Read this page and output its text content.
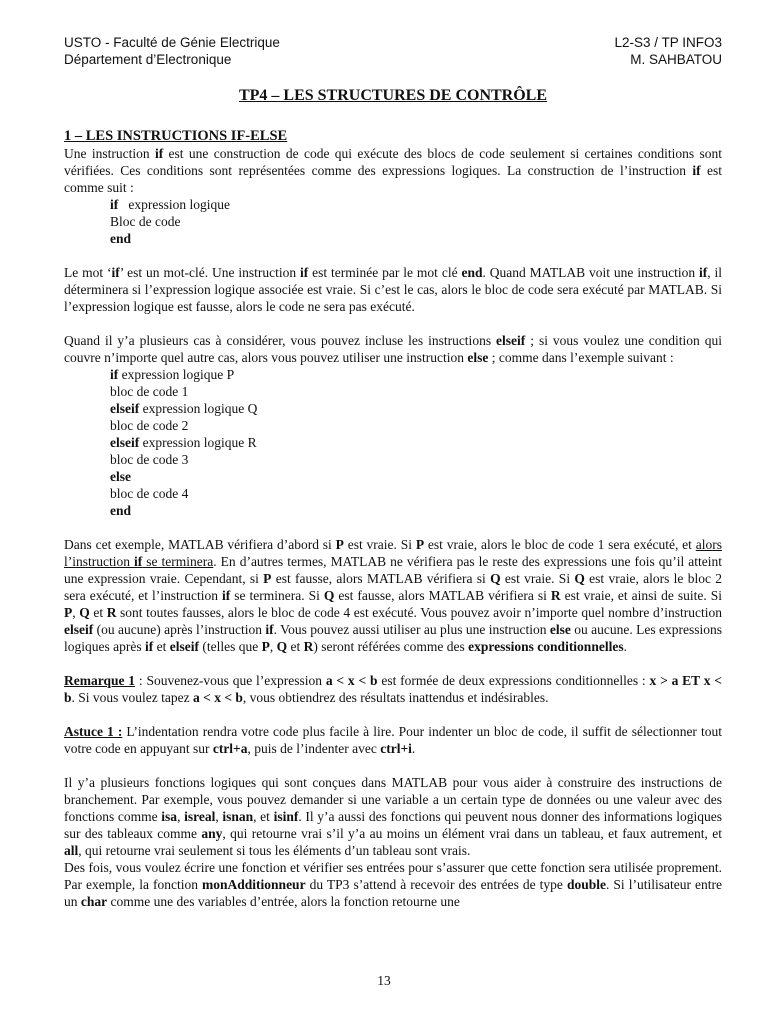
USTO - Faculté de Génie Electrique
Département d’Electronique
L2-S3 / TP INFO3
M. SAHBATOU
TP4 – LES STRUCTURES DE CONTRÔLE
1 – LES INSTRUCTIONS IF-ELSE

Une instruction if est une construction de code qui exécute des blocs de code seulement si certaines conditions sont vérifiées. Ces conditions sont représentées comme des expressions logiques. La construction de l’instruction if est comme suit :

if expression logique
Bloc de code
end

Le mot ‘if’ est un mot-clé. Une instruction if est terminée par le mot clé end. Quand MATLAB voit une instruction if, il déterminera si l’expression logique associée est vraie. Si c’est le cas, alors le bloc de code sera exécuté par MATLAB. Si l’expression logique est fausse, alors le code ne sera pas exécuté.

Quand il y’a plusieurs cas à considérer, vous pouvez incluse les instructions elseif ; si vous voulez une condition qui couvre n’importe quel autre cas, alors vous pouvez utiliser une instruction else ; comme dans l’exemple suivant :

if expression logique P
bloc de code 1
elseif expression logique Q
bloc de code 2
elseif expression logique R
bloc de code 3
else
bloc de code 4
end

Dans cet exemple, MATLAB vérifiera d’abord si P est vraie. Si P est vraie, alors le bloc de code 1 sera exécuté, et alors l’instruction if se terminera. En d’autres termes, MATLAB ne vérifiera pas le reste des expressions une fois qu’il atteint une expression vraie. Cependant, si P est fausse, alors MATLAB vérifiera si Q est vraie. Si Q est vraie, alors le bloc 2 sera exécuté, et l’instruction if se terminera. Si Q est fausse, alors MATLAB vérifiera si R est vraie, et ainsi de suite. Si P, Q et R sont toutes fausses, alors le bloc de code 4 est exécuté. Vous pouvez avoir n’importe quel nombre d’instruction elseif (ou aucune) après l’instruction if. Vous pouvez aussi utiliser au plus une instruction else ou aucune. Les expressions logiques après if et elseif (telles que P, Q et R) seront référées comme des expressions conditionnelles.

Remarque 1 : Souvenez-vous que l’expression a < x < b est formée de deux expressions conditionnelles : x > a ET x < b. Si vous voulez tapez a < x < b, vous obtiendrez des résultats inattendus et indésirables.

Astuce 1 : L’indentation rendra votre code plus facile à lire. Pour indenter un bloc de code, il suffit de sélectionner tout votre code en appuyant sur ctrl+a, puis de l’indenter avec ctrl+i.

Il y’a plusieurs fonctions logiques qui sont conçues dans MATLAB pour vous aider à construire des instructions de branchement. Par exemple, vous pouvez demander si une variable a un certain type de données ou une valeur avec des fonctions comme isa, isreal, isnan, et isinf. Il y’a aussi des fonctions qui peuvent nous donner des informations logiques sur des tableaux comme any, qui retourne vrai s’il y’a au moins un élément vrai dans un tableau, et faux autrement, et all, qui retourne vrai seulement si tous les éléments d’un tableau sont vrais.

Des fois, vous voulez écrire une fonction et vérifier ses entrées pour s’assurer que cette fonction sera utilisée proprement. Par exemple, la fonction monAdditionneur du TP3 s’attend à recevoir des entrées de type double. Si l’utilisateur entre un char comme une des variables d’entrée, alors la fonction retourne une

13
